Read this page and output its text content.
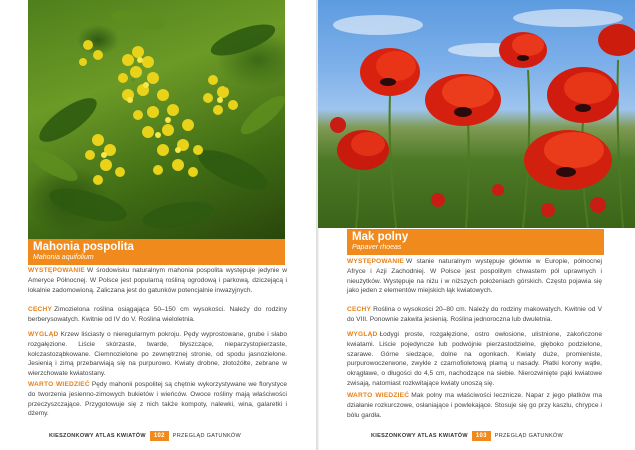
Mahonia pospolita
Mahonia aquifolium
WYSTĘPOWANIE W środowisku naturalnym mahonia pospolita występuje jedynie w Ameryce Północnej. W Polsce jest popularną rośliną ogrodową i parkową, dziczejącą i lokalnie zadomowioną. Zaliczana jest do gatunków potencjalnie inwazyjnych.
CECHY Zimozielona roślina osiągająca 50–150 cm wysokości. Należy do rodziny berberysowatych. Kwitnie od IV do V. Roślina wieloletnia.
WYGLĄD Krzew liściasty o nieregularnym pokroju. Pędy wyprostowane, grube i słabo rozgałęzione. Liście skórzaste, twarde, błyszczące, nieparzystopierzaste, kolczastoząbkowane. Ciemnozielone po zewnętrznej stronie, od spodu jasnozielone. Jesienią i zimą przebarwiają się na purpurowo. Kwiaty drobne, złotożółte, zebrane w wierzchowate kwiatostany.
WARTO WIEDZIEĆ Pędy mahonii pospolitej są chętnie wykorzystywane we florystyce do tworzenia jesienno-zimowych bukietów i wieńców. Owoce rośliny mają właściwości przeczyszczające. Przygotowuje się z nich także kompoty, nalewki, wina, galaretki i dżemy.
KIESZONKOWY ATLAS KWIATÓW 102 PRZEGLĄD GATUNKÓW
Mak polny
Papaver rhoeas
WYSTĘPOWANIE W stanie naturalnym występuje głównie w Europie, północnej Afryce i Azji Zachodniej. W Polsce jest pospolitym chwastem pól uprawnych i nieużytków. Występuje na niżu i w niższych położeniach górskich. Często pojawia się jako jeden z elementów miejskich łąk kwiatowych.
CECHY Roślina o wysokości 20–80 cm. Należy do rodziny makowatych. Kwitnie od V do VIII. Ponownie zakwita jesienią. Roślina jednoroczna lub dwuletnia.
WYGLĄD Łodygi proste, rozgałęzione, ostro owłosione, ulistnione, zakończone kwiatami. Liście pojedyncze lub podwójnie pierzastodzielne, głęboko podzielone, szarawe. Górne siedzące, dolne na ogonkach. Kwiaty duże, promieniste, purpurowoczerwone, zwykle z czarnofioletową plamą u nasady. Płatki korony wątłe, okrągławe, o długości do 4,5 cm, nachodzące na siebie. Nierozwinięte pąki kwiatowe zwisają, natomiast rozkwitające kwiaty unoszą się.
WARTO WIEDZIEĆ Mak polny ma właściwości lecznicze. Napar z jego płatków ma działanie rozkurczowe, osłaniające i powlekające. Stosuje się go przy kaszlu, chrypce i bólu gardła.
KIESZONKOWY ATLAS KWIATÓW 103 PRZEGLĄD GATUNKÓW
